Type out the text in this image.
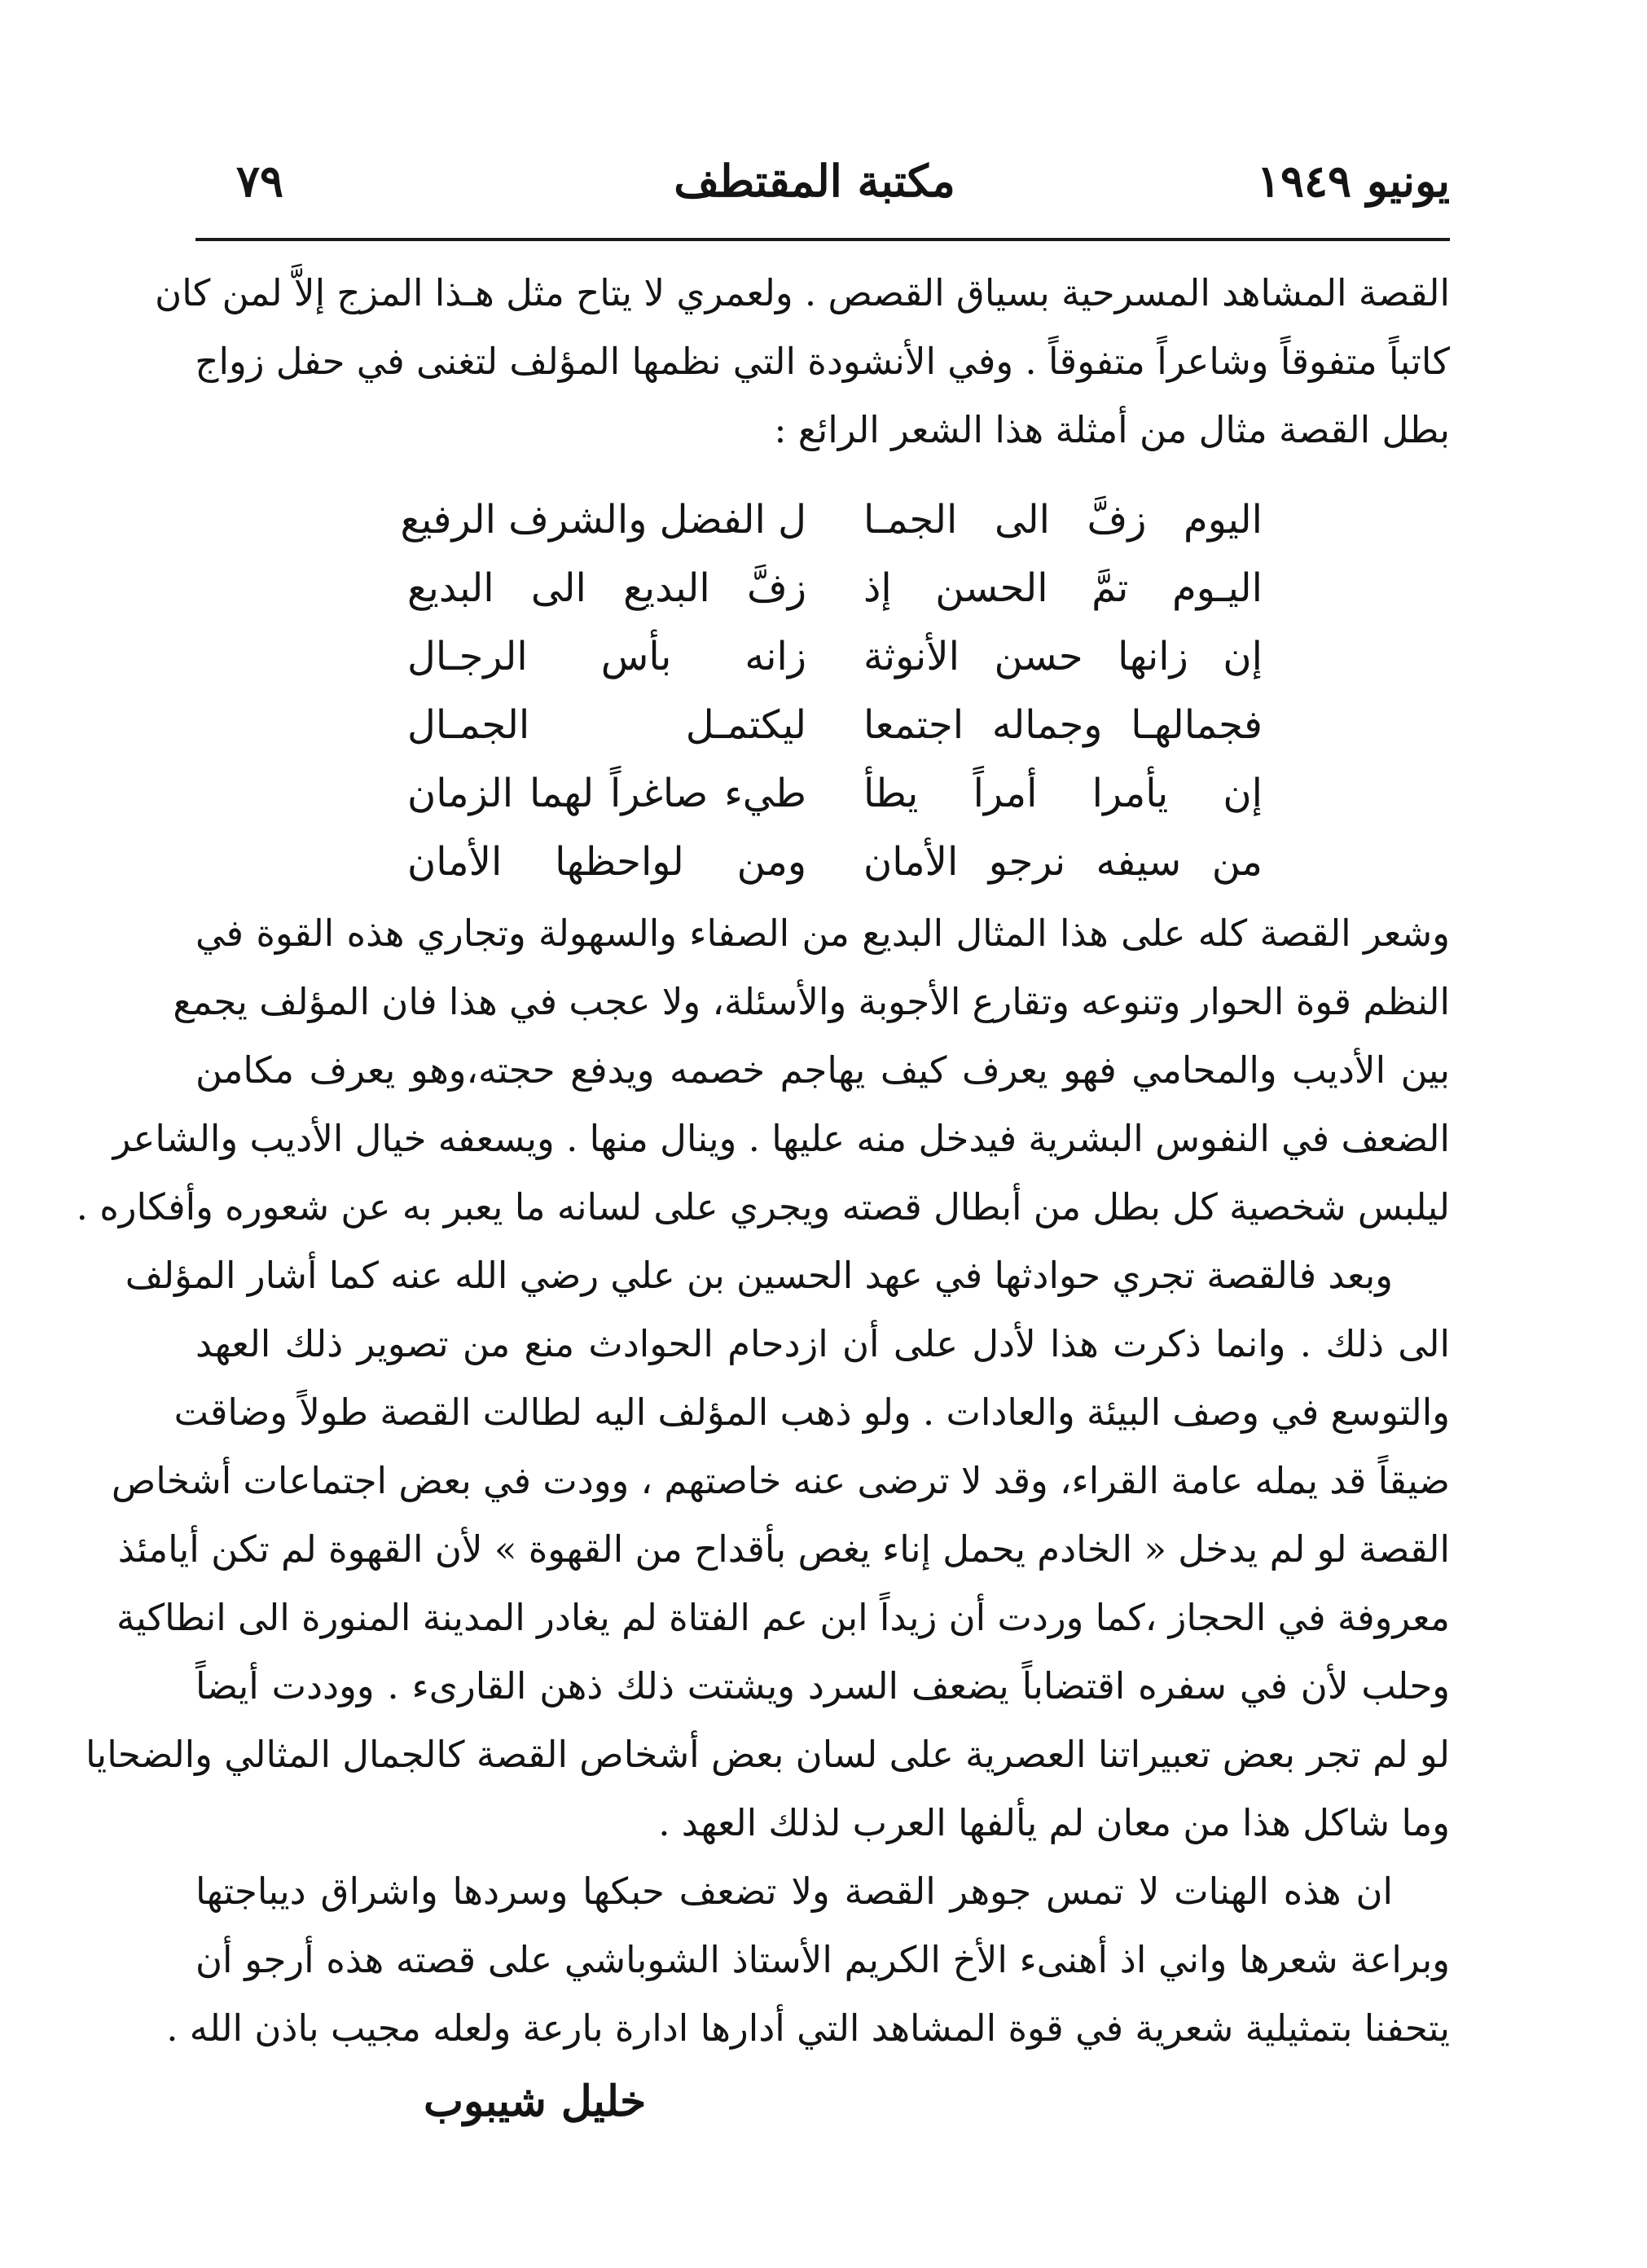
٧٩	مكتبة المقتطف	يونيو ١٩٤٩

القصة المشاهد المسرحية بسياق القصص . ولعمري لا يتاح مثل هـذا المزج إلاَّ لمن كان
كاتباً متفوقاً وشاعراً متفوقاً . وفي الأنشودة التي نظمها المؤلف لتغنى في حفل زواج
بطل القصة مثال من أمثلة هذا الشعر الرائع :

اليوم زفَّ الى الجمـا
ل الفضل والشرف الرفيع
اليـوم تمَّ الحسن إذ
زفَّ البديع الى البديع
إن زانها حسن الأنوثة
زانه بأس الرجـال
فجمالهـا وجماله اجتمعا
ليكتمـل الجمـال
إن يأمرا أمراً يطأ
طيء صاغراً لهما الزمان
من سيفه نرجو الأمان
ومن لواحظها الأمان

وشعر القصة كله على هذا المثال البديع من الصفاء والسهولة وتجاري هذه القوة في
النظم قوة الحوار وتنوعه وتقارع الأجوبة والأسئلة، ولا عجب في هذا فان المؤلف يجمع
بين الأديب والمحامي فهو يعرف كيف يهاجم خصمه ويدفع حجته،وهو يعرف مكامن
الضعف في النفوس البشرية فيدخل منه عليها . وينال منها . ويسعفه خيال الأديب والشاعر
ليلبس شخصية كل بطل من أبطال قصته ويجري على لسانه ما يعبر به عن شعوره وأفكاره .

وبعد فالقصة تجري حوادثها في عهد الحسين بن علي رضي الله عنه كما أشار المؤلف
الى ذلك . وانما ذكرت هذا لأدل على أن ازدحام الحوادث منع من تصوير ذلك العهد
والتوسع في وصف البيئة والعادات . ولو ذهب المؤلف اليه لطالت القصة طولاً وضاقت
ضيقاً قد يمله عامة القراء، وقد لا ترضى عنه خاصتهم ، وودت في بعض اجتماعات أشخاص
القصة لو لم يدخل « الخادم يحمل إناء يغص بأقداح من القهوة » لأن القهوة لم تكن أيامئذ
معروفة في الحجاز ،كما وردت أن زيداً ابن عم الفتاة لم يغادر المدينة المنورة الى انطاكية
وحلب لأن في سفره اقتضاباً يضعف السرد ويشتت ذلك ذهن القارىء . ووددت أيضاً
لو لم تجر بعض تعبيراتنا العصرية على لسان بعض أشخاص القصة كالجمال المثالي والضحايا
وما شاكل هذا من معان لم يألفها العرب لذلك العهد .

ان هذه الهنات لا تمس جوهر القصة ولا تضعف حبكها وسردها واشراق ديباجتها
وبراعة شعرها واني اذ أهنىء الأخ الكريم الأستاذ الشوباشي على قصته هذه أرجو أن
يتحفنا بتمثيلية شعرية في قوة المشاهد التي أدارها ادارة بارعة ولعله مجيب باذن الله .

خليل شيبوب
